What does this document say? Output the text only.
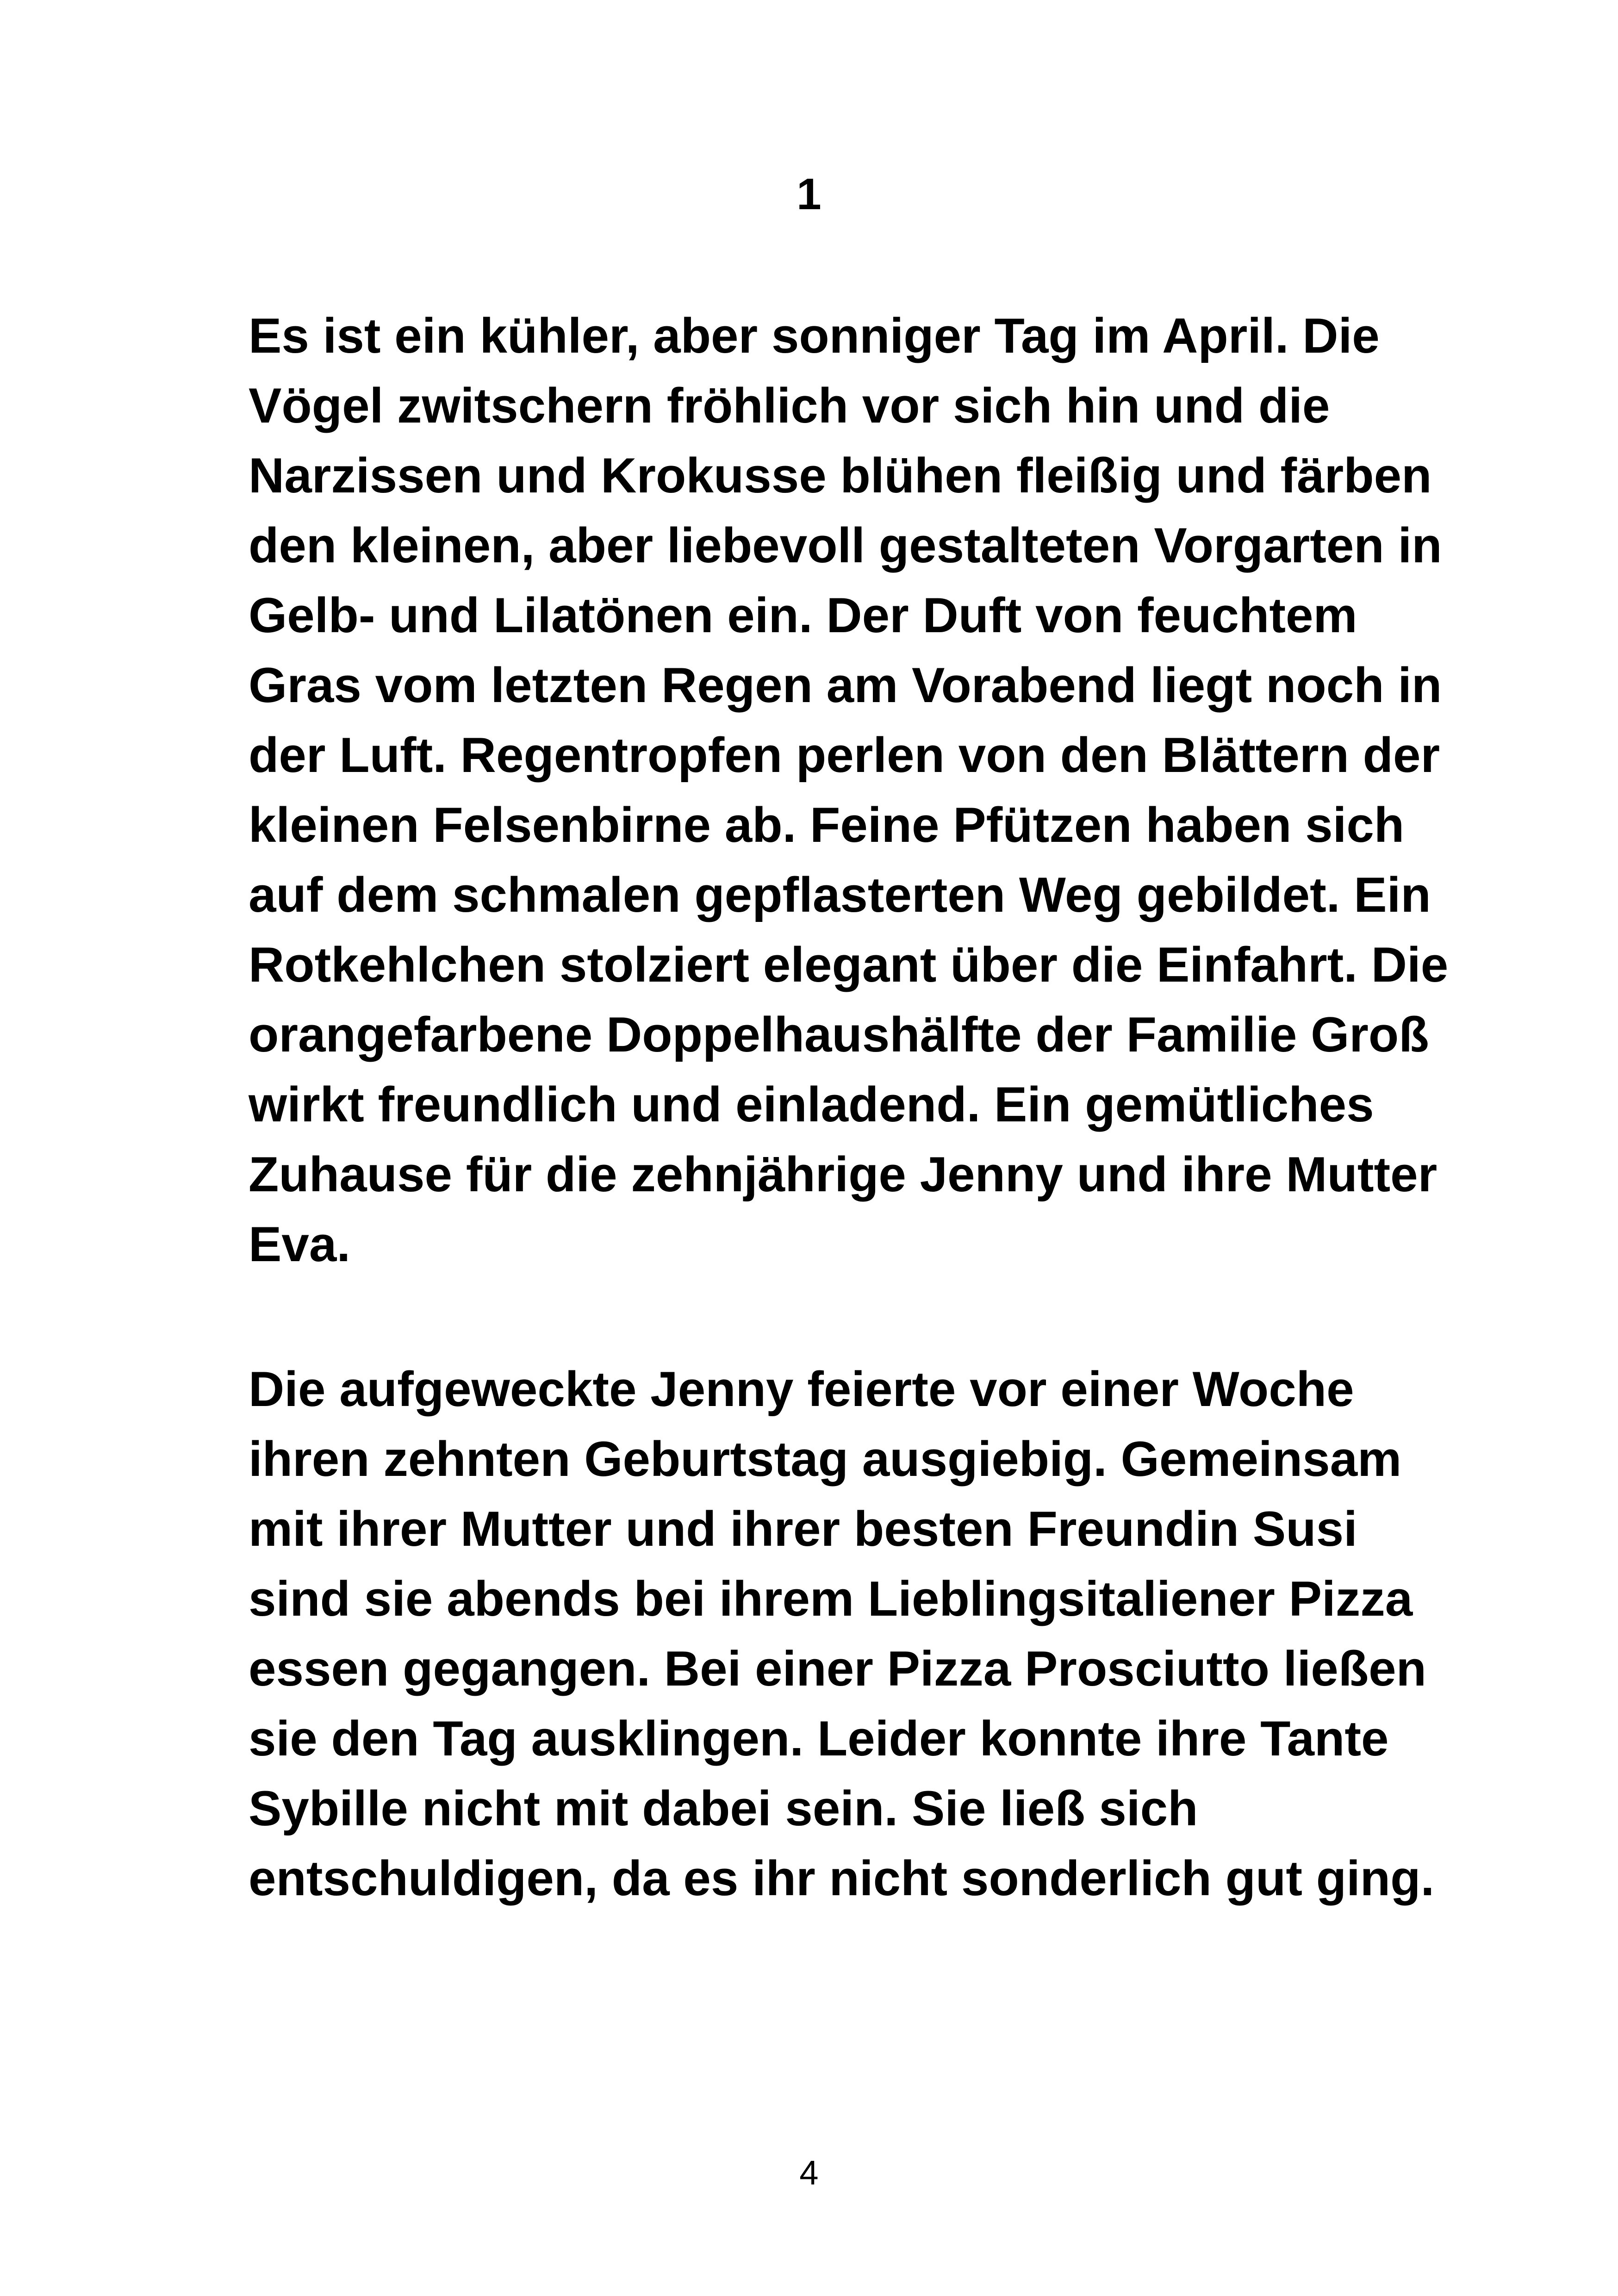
1

Es ist ein kühler, aber sonniger Tag im April. Die
Vögel zwitschern fröhlich vor sich hin und die
Narzissen und Krokusse blühen fleißig und färben
den kleinen, aber liebevoll gestalteten Vorgarten in
Gelb- und Lilatönen ein. Der Duft von feuchtem
Gras vom letzten Regen am Vorabend liegt noch in
der Luft. Regentropfen perlen von den Blättern der
kleinen Felsenbirne ab. Feine Pfützen haben sich
auf dem schmalen gepflasterten Weg gebildet. Ein
Rotkehlchen stolziert elegant über die Einfahrt. Die
orangefarbene Doppelhaushälfte der Familie Groß
wirkt freundlich und einladend. Ein gemütliches
Zuhause für die zehnjährige Jenny und ihre Mutter
Eva.

Die aufgeweckte Jenny feierte vor einer Woche
ihren zehnten Geburtstag ausgiebig. Gemeinsam
mit ihrer Mutter und ihrer besten Freundin Susi
sind sie abends bei ihrem Lieblingsitaliener Pizza
essen gegangen. Bei einer Pizza Prosciutto ließen
sie den Tag ausklingen. Leider konnte ihre Tante
Sybille nicht mit dabei sein. Sie ließ sich
entschuldigen, da es ihr nicht sonderlich gut ging.

4
